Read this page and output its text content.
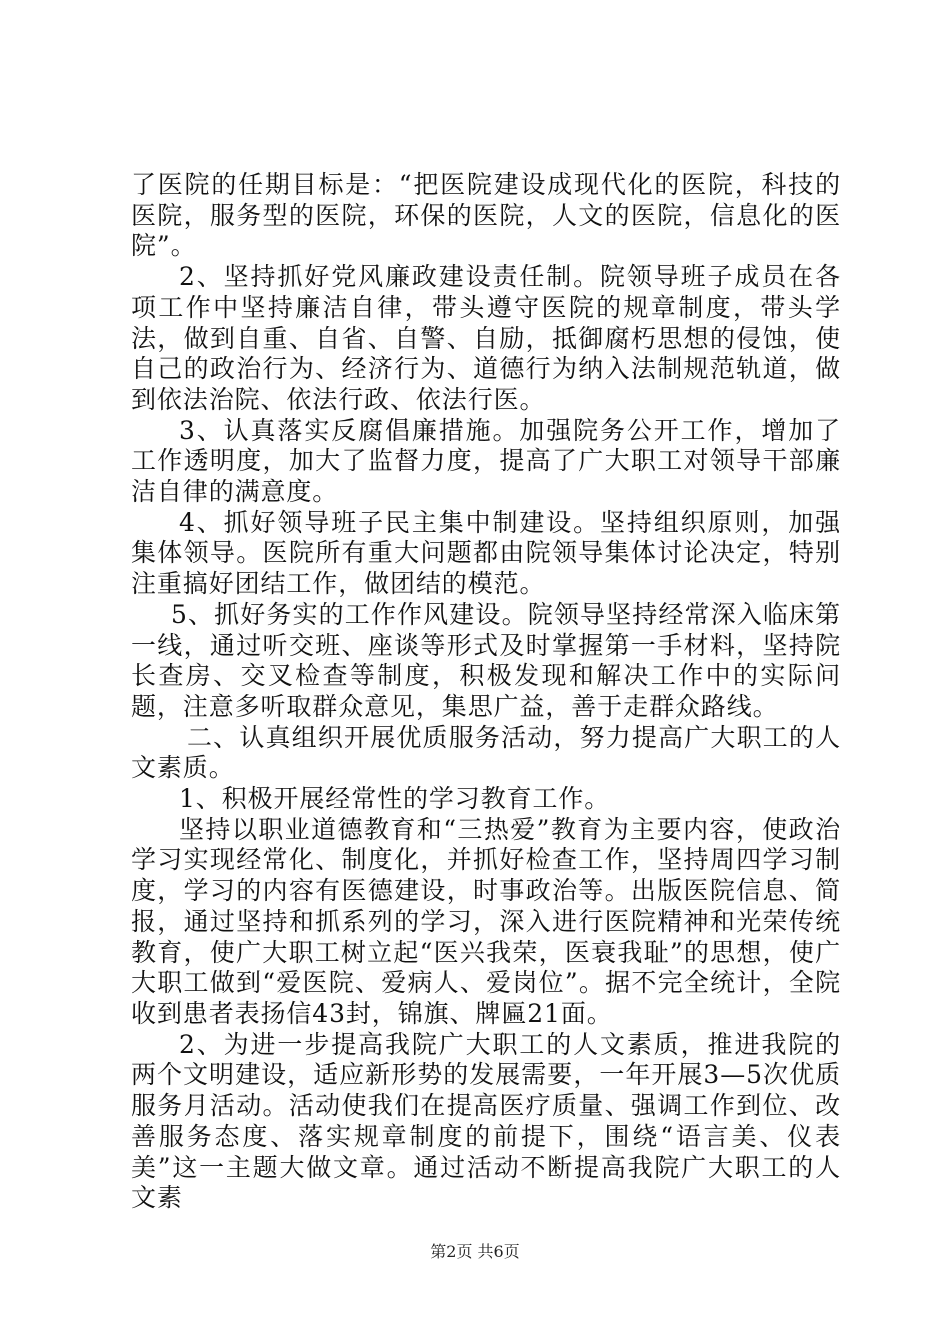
了医院的任期目标是：“把医院建设成现代化的医院，科技的医院，服务型的医院，环保的医院，人文的医院，信息化的医院”。

2、坚持抓好党风廉政建设责任制。院领导班子成员在各项工作中坚持廉洁自律，带头遵守医院的规章制度，带头学法，做到自重、自省、自警、自励，抵御腐朽思想的侵蚀，使自己的政治行为、经济行为、道德行为纳入法制规范轨道，做到依法治院、依法行政、依法行医。

3、认真落实反腐倡廉措施。加强院务公开工作，增加了工作透明度，加大了监督力度，提高了广大职工对领导干部廉洁自律的满意度。

4、抓好领导班子民主集中制建设。坚持组织原则，加强集体领导。医院所有重大问题都由院领导集体讨论决定，特别注重搞好团结工作，做团结的模范。

5、抓好务实的工作作风建设。院领导坚持经常深入临床第一线，通过听交班、座谈等形式及时掌握第一手材料，坚持院长查房、交叉检查等制度，积极发现和解决工作中的实际问题，注意多听取群众意见，集思广益，善于走群众路线。

二、认真组织开展优质服务活动，努力提高广大职工的人文素质。

1、积极开展经常性的学习教育工作。

坚持以职业道德教育和“三热爱”教育为主要内容，使政治学习实现经常化、制度化，并抓好检查工作，坚持周四学习制度，学习的内容有医德建设，时事政治等。出版医院信息、简报，通过坚持和抓系列的学习，深入进行医院精神和光荣传统教育，使广大职工树立起“医兴我荣，医衰我耻”的思想，使广大职工做到“爱医院、爱病人、爱岗位”。据不完全统计，全院收到患者表扬信43封，锦旗、牌匾21面。

2、为进一步提高我院广大职工的人文素质，推进我院的两个文明建设，适应新形势的发展需要，一年开展3—5次优质服务月活动。活动使我们在提高医疗质量、强调工作到位、改善服务态度、落实规章制度的前提下，围绕“语言美、仪表美”这一主题大做文章。通过活动不断提高我院广大职工的人文素

第2页 共6页
